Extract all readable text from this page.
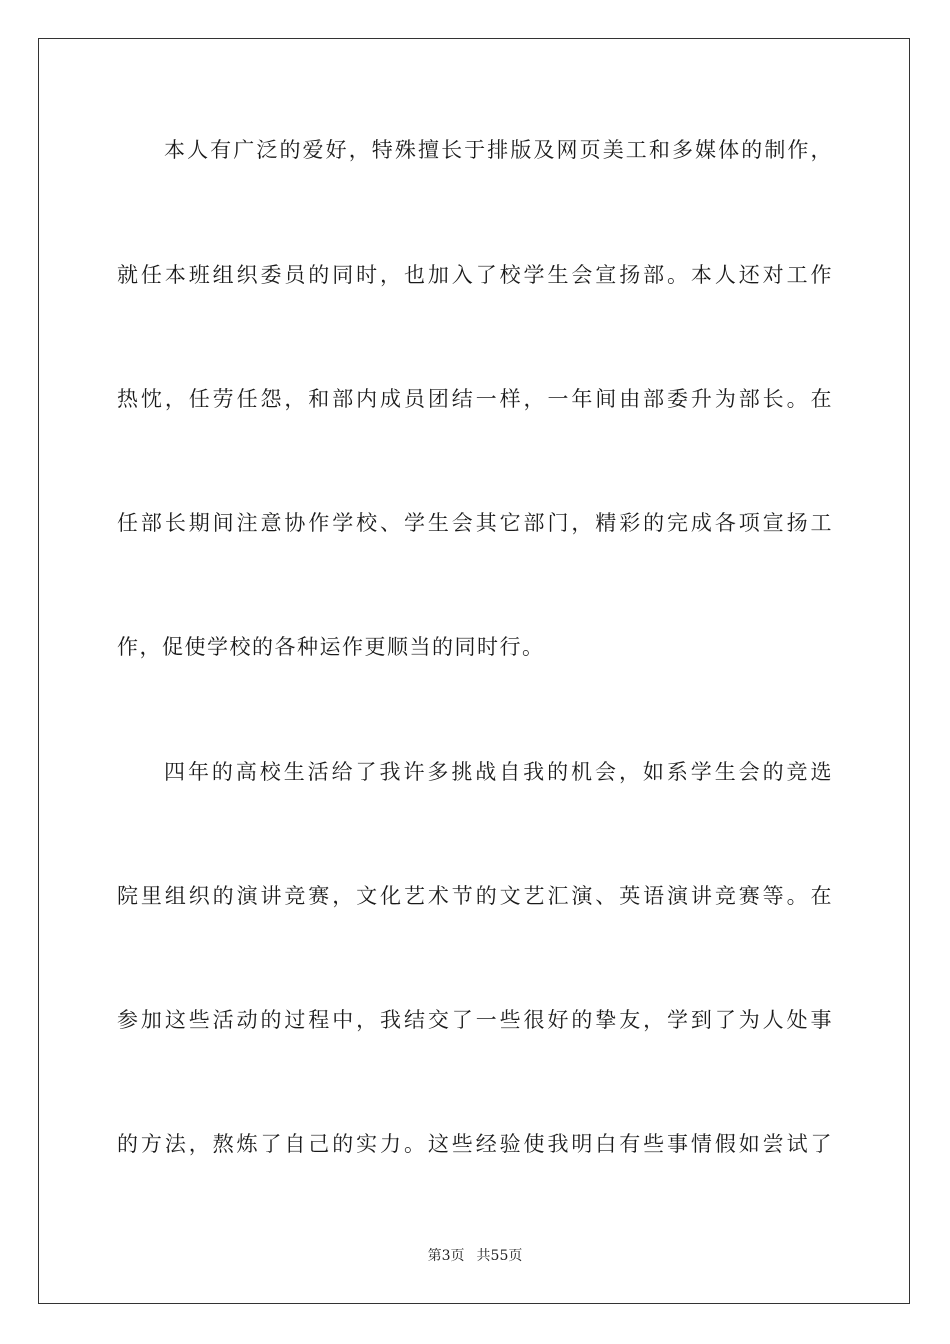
本人有广泛的爱好，特殊擅长于排版及网页美工和多媒体的制作，
就任本班组织委员的同时，也加入了校学生会宣扬部。本人还对工作
热忱，任劳任怨，和部内成员团结一样，一年间由部委升为部长。在
任部长期间注意协作学校、学生会其它部门，精彩的完成各项宣扬工
作，促使学校的各种运作更顺当的同时行。
四年的高校生活给了我许多挑战自我的机会，如系学生会的竞选
院里组织的演讲竞赛，文化艺术节的文艺汇演、英语演讲竞赛等。在
参加这些活动的过程中，我结交了一些很好的挚友，学到了为人处事
的方法，熬炼了自己的实力。这些经验使我明白有些事情假如尝试了
第3页 共55页
